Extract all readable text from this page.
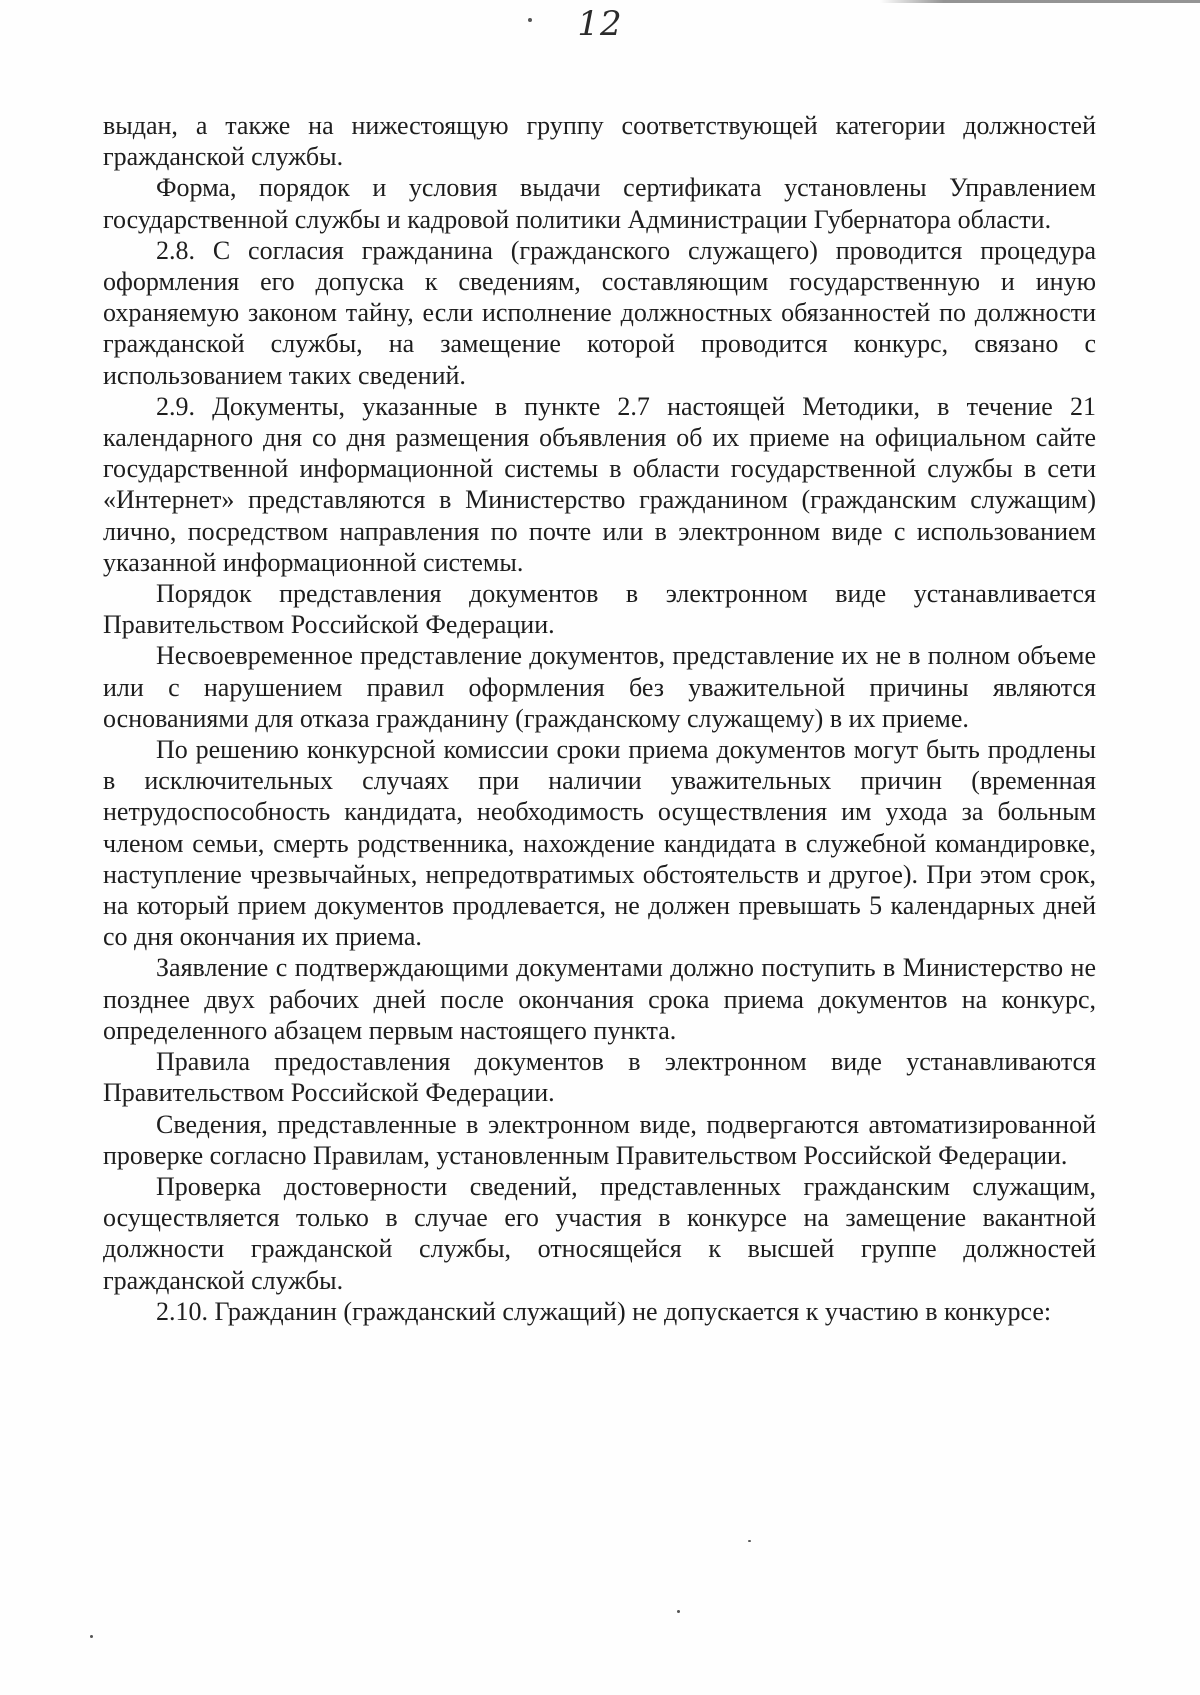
12

выдан, а также на нижестоящую группу соответствующей категории должностей гражданской службы.

Форма, порядок и условия выдачи сертификата установлены Управлением государственной службы и кадровой политики Администрации Губернатора области.

2.8. С согласия гражданина (гражданского служащего) проводится процедура оформления его допуска к сведениям, составляющим государственную и иную охраняемую законом тайну, если исполнение должностных обязанностей по должности гражданской службы, на замещение которой проводится конкурс, связано с использованием таких сведений.

2.9. Документы, указанные в пункте 2.7 настоящей Методики, в течение 21 календарного дня со дня размещения объявления об их приеме на официальном сайте государственной информационной системы в области государственной службы в сети «Интернет» представляются в Министерство гражданином (гражданским служащим) лично, посредством направления по почте или в электронном виде с использованием указанной информационной системы.

Порядок представления документов в электронном виде устанавливается Правительством Российской Федерации.

Несвоевременное представление документов, представление их не в полном объеме или с нарушением правил оформления без уважительной причины являются основаниями для отказа гражданину (гражданскому служащему) в их приеме.

По решению конкурсной комиссии сроки приема документов могут быть продлены в исключительных случаях при наличии уважительных причин (временная нетрудоспособность кандидата, необходимость осуществления им ухода за больным членом семьи, смерть родственника, нахождение кандидата в служебной командировке, наступление чрезвычайных, непредотвратимых обстоятельств и другое). При этом срок, на который прием документов продлевается, не должен превышать 5 календарных дней со дня окончания их приема.

Заявление с подтверждающими документами должно поступить в Министерство не позднее двух рабочих дней после окончания срока приема документов на конкурс, определенного абзацем первым настоящего пункта.

Правила предоставления документов в электронном виде устанавливаются Правительством Российской Федерации.

Сведения, представленные в электронном виде, подвергаются автоматизированной проверке согласно Правилам, установленным Правительством Российской Федерации.

Проверка достоверности сведений, представленных гражданским служащим, осуществляется только в случае его участия в конкурсе на замещение вакантной должности гражданской службы, относящейся к высшей группе должностей гражданской службы.

2.10. Гражданин (гражданский служащий) не допускается к участию в конкурсе:
